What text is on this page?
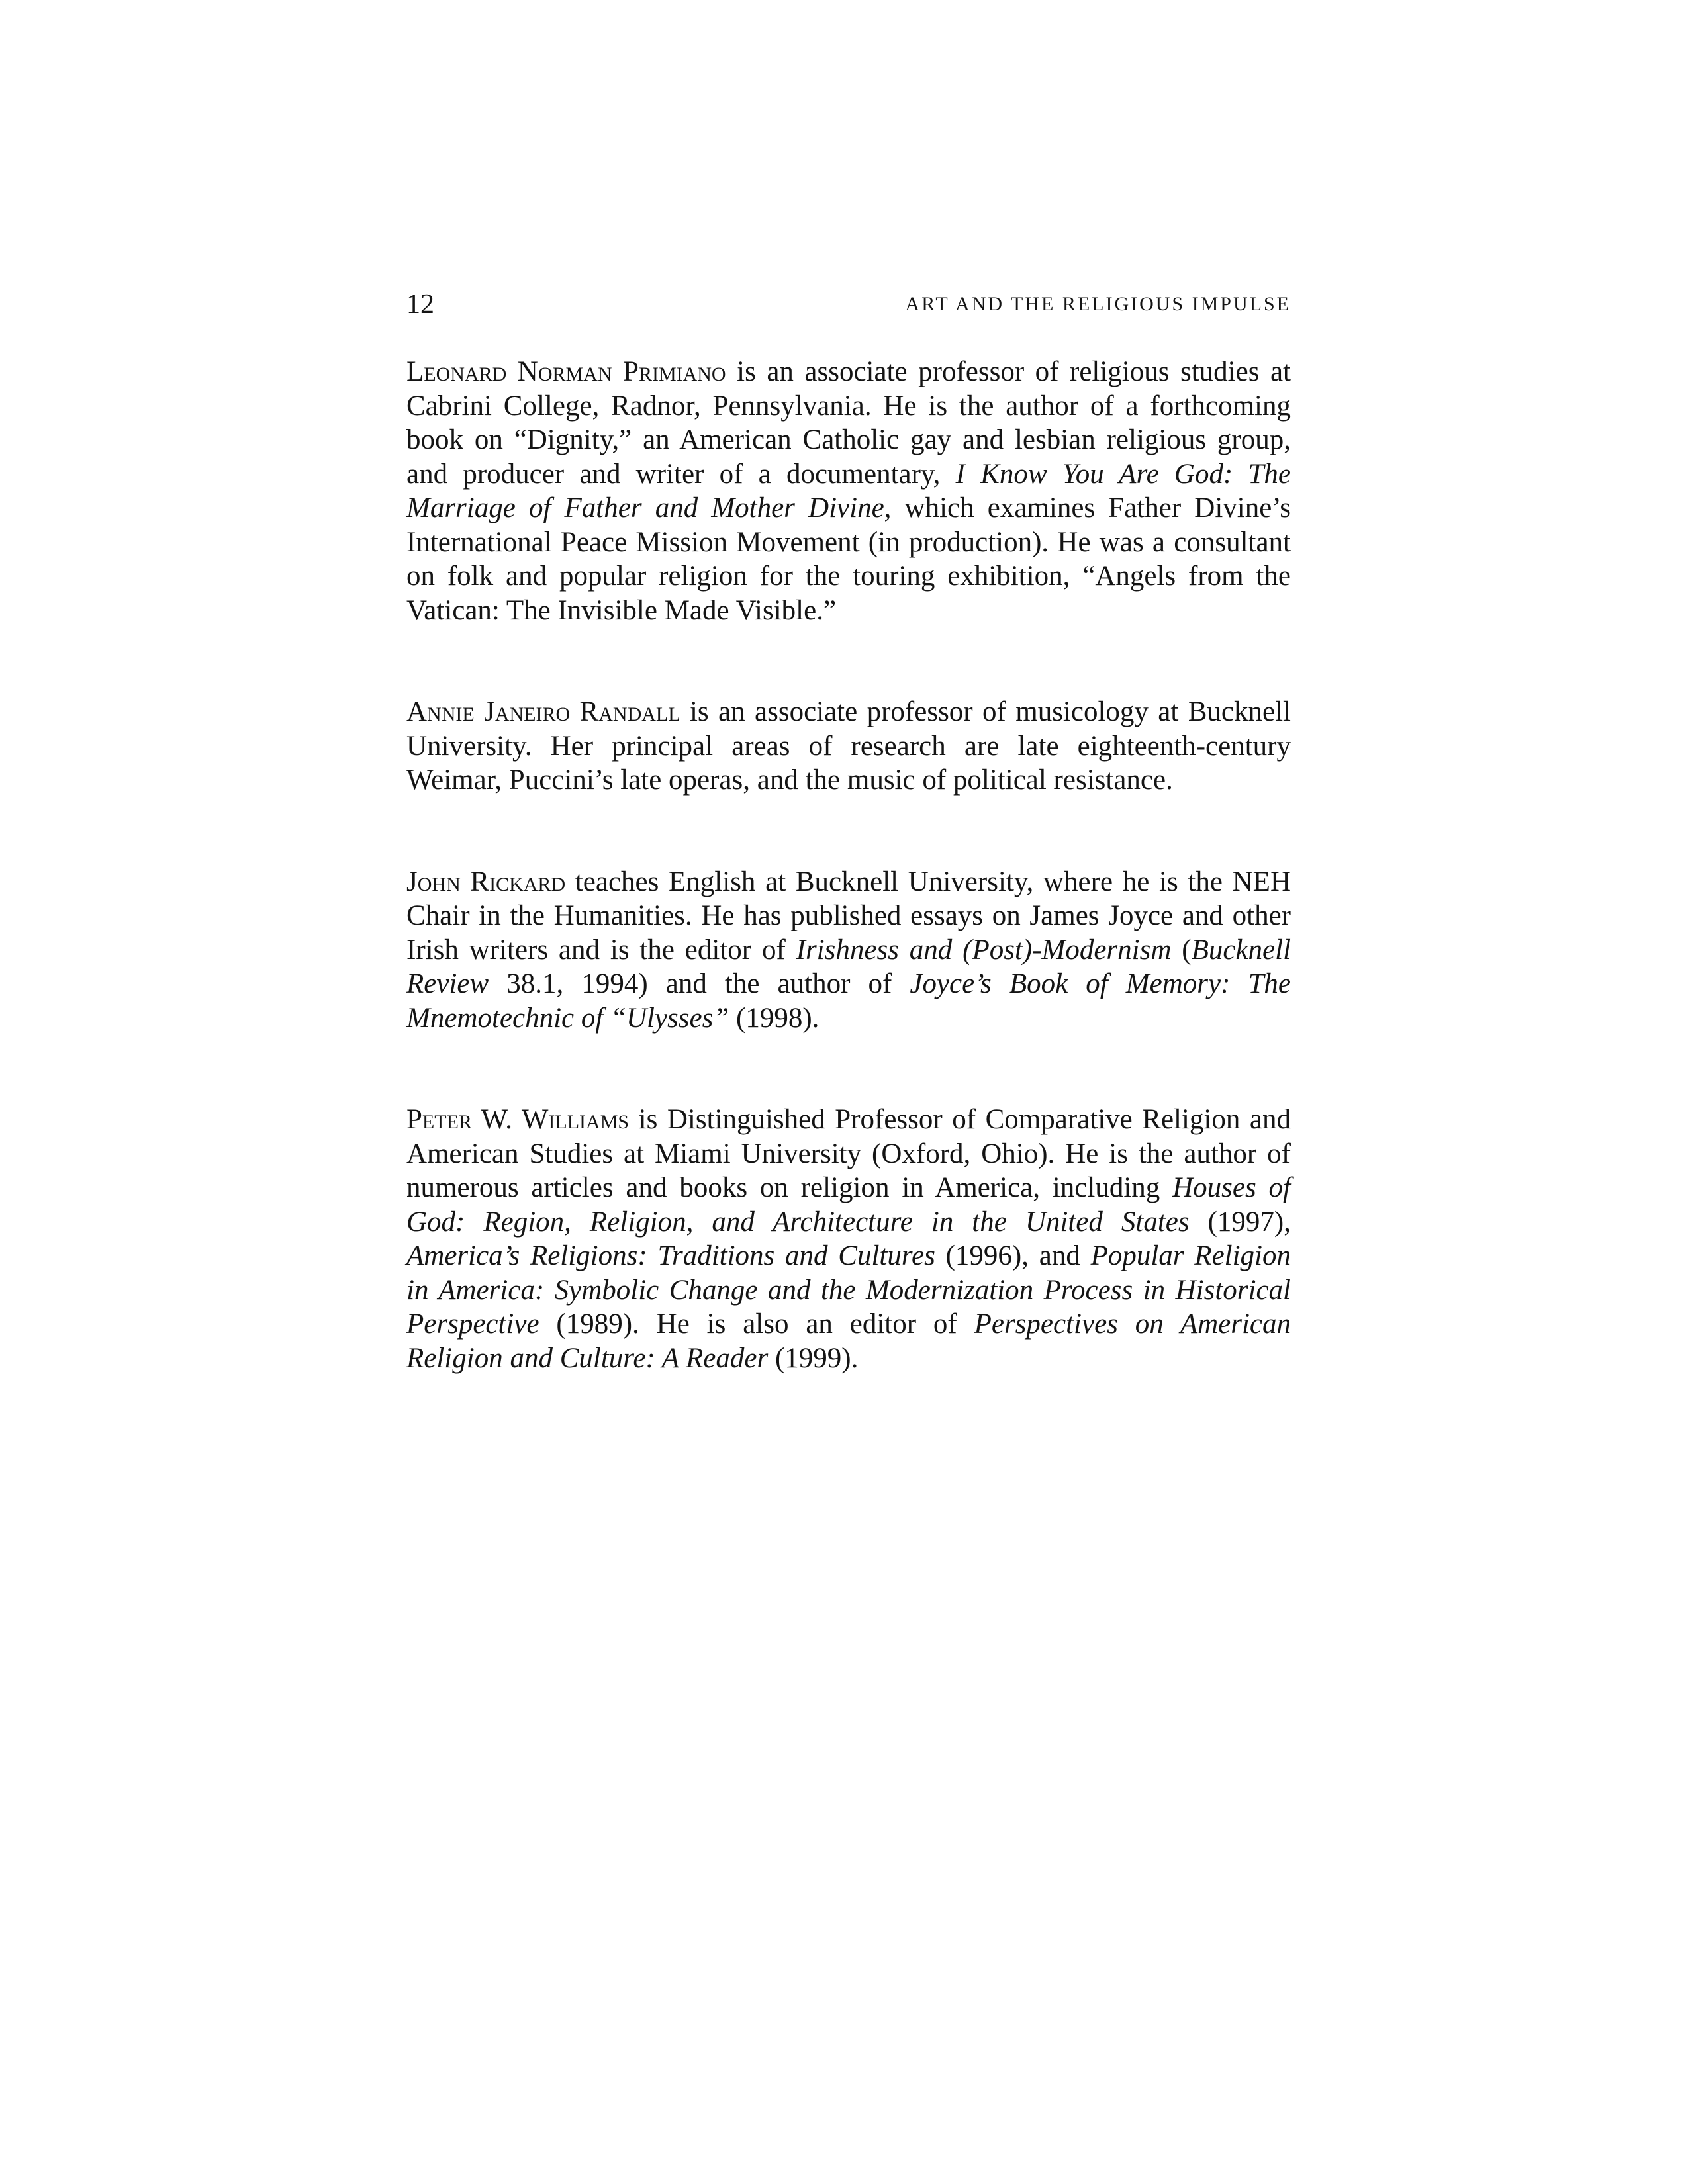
12	ART AND THE RELIGIOUS IMPULSE

Leonard Norman Primiano is an associate professor of religious studies at Cabrini College, Radnor, Pennsylvania. He is the author of a forthcoming book on “Dignity,” an American Catholic gay and lesbian religious group, and producer and writer of a documentary, I Know You Are God: The Marriage of Father and Mother Divine, which examines Father Divine’s International Peace Mission Movement (in production). He was a consultant on folk and popular religion for the touring exhibition, “Angels from the Vatican: The Invisible Made Visible.”

Annie Janeiro Randall is an associate professor of musicology at Bucknell University. Her principal areas of research are late eighteenth-century Weimar, Puccini’s late operas, and the music of political resistance.

John Rickard teaches English at Bucknell University, where he is the NEH Chair in the Humanities. He has published essays on James Joyce and other Irish writers and is the editor of Irishness and (Post)-Modernism (Bucknell Review 38.1, 1994) and the author of Joyce’s Book of Memory: The Mnemotechnic of “Ulysses” (1998).

Peter W. Williams is Distinguished Professor of Comparative Religion and American Studies at Miami University (Oxford, Ohio). He is the author of numerous articles and books on religion in America, including Houses of God: Region, Religion, and Architecture in the United States (1997), America’s Religions: Traditions and Cultures (1996), and Popular Religion in America: Symbolic Change and the Modernization Process in Historical Perspective (1989). He is also an editor of Perspectives on American Religion and Culture: A Reader (1999).
